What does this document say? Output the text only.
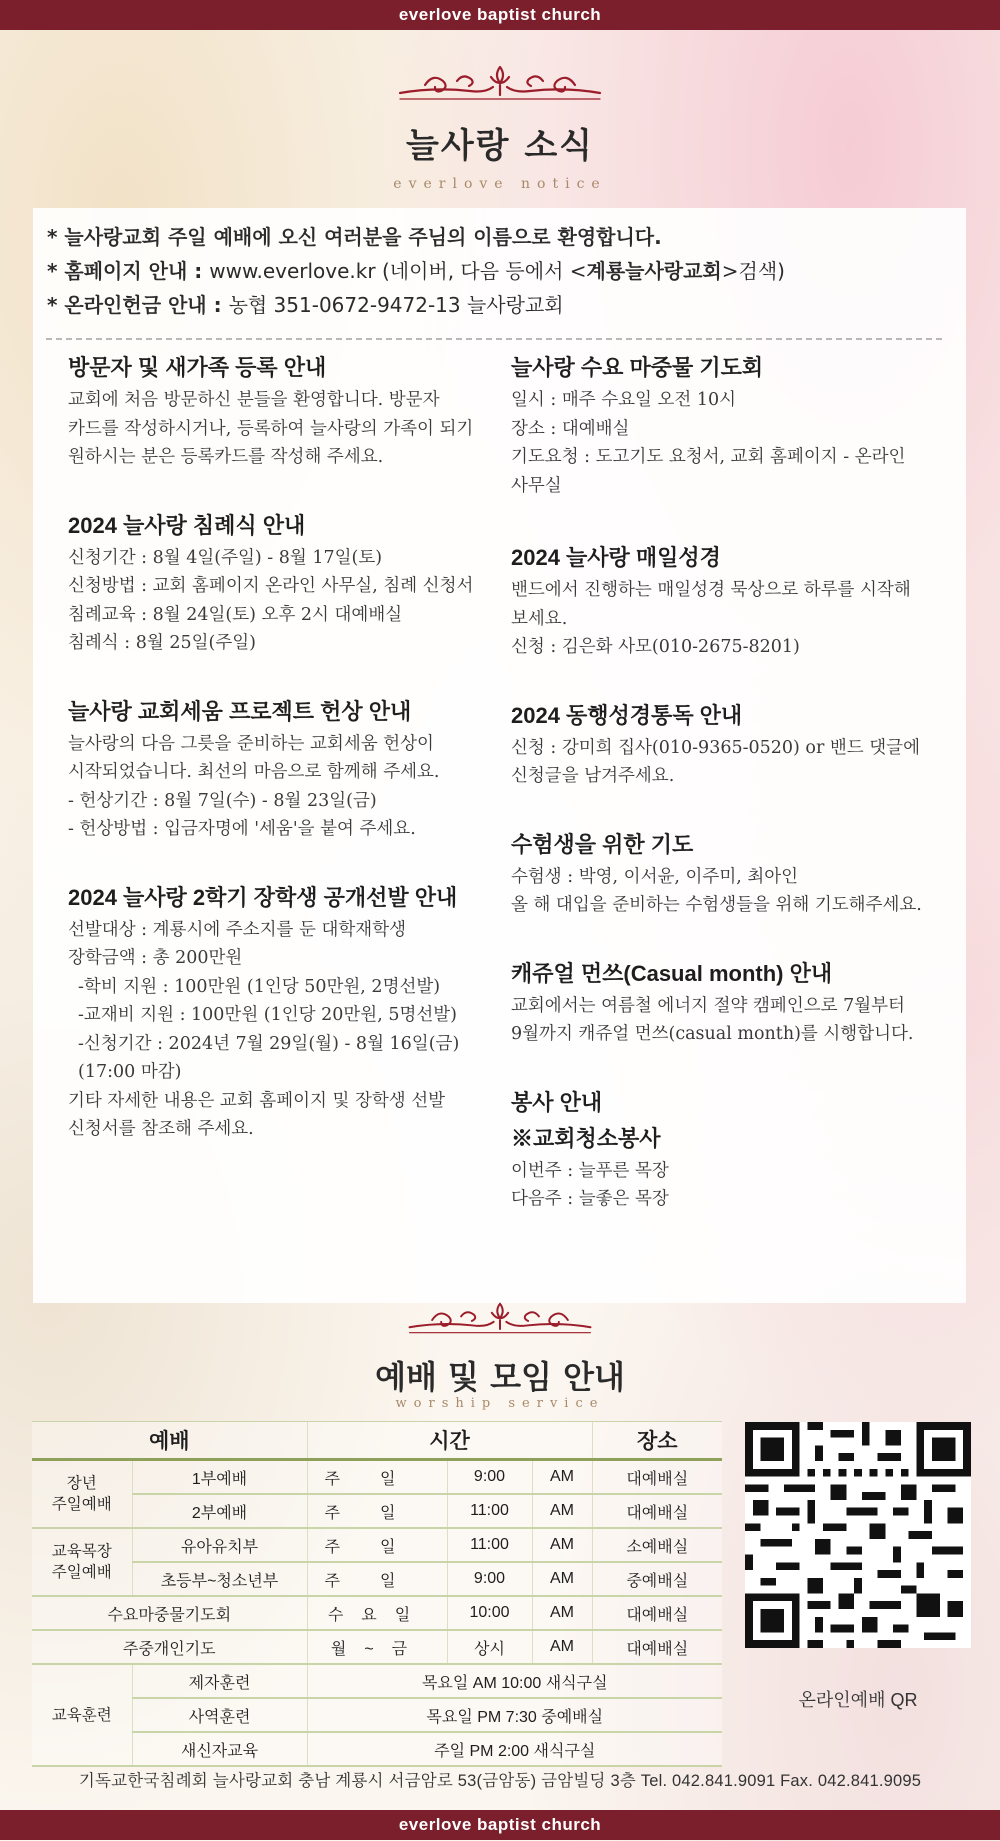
everlove baptist church
늘사랑 소식
everlove notice
* 늘사랑교회 주일 예배에 오신 여러분을 주님의 이름으로 환영합니다.
* 홈페이지 안내 : www.everlove.kr (네이버, 다음 등에서 <계룡늘사랑교회>검색)
* 온라인헌금 안내 : 농협 351-0672-9472-13 늘사랑교회
방문자 및 새가족 등록 안내
교회에 처음 방문하신 분들을 환영합니다. 방문자 카드를 작성하시거나, 등록하여 늘사랑의 가족이 되기 원하시는 분은 등록카드를 작성해 주세요.
2024 늘사랑 침례식 안내
신청기간 : 8월 4일(주일) - 8월 17일(토)
신청방법 : 교회 홈페이지 온라인 사무실, 침례 신청서
침례교육 : 8월 24일(토) 오후 2시 대예배실
침례식 : 8월 25일(주일)
늘사랑 교회세움 프로젝트 헌상 안내
늘사랑의 다음 그릇을 준비하는 교회세움 헌상이 시작되었습니다. 최선의 마음으로 함께해 주세요.
- 헌상기간 : 8월 7일(수) - 8월 23일(금)
- 헌상방법 : 입금자명에 '세움'을 붙여 주세요.
2024 늘사랑 2학기 장학생 공개선발 안내
선발대상 : 계룡시에 주소지를 둔 대학재학생
장학금액 : 총 200만원
-학비 지원 : 100만원 (1인당 50만원, 2명선발)
-교재비 지원 : 100만원 (1인당 20만원, 5명선발)
-신청기간 : 2024년 7월 29일(월) - 8월 16일(금) (17:00 마감)
기타 자세한 내용은 교회 홈페이지 및 장학생 선발 신청서를 참조해 주세요.
늘사랑 수요 마중물 기도회
일시 : 매주 수요일 오전 10시
장소 : 대예배실
기도요청 : 도고기도 요청서, 교회 홈페이지 - 온라인 사무실
2024 늘사랑 매일성경
밴드에서 진행하는 매일성경 묵상으로 하루를 시작해 보세요.
신청 : 김은화 사모(010-2675-8201)
2024 동행성경통독 안내
신청 : 강미희 집사(010-9365-0520) or 밴드 댓글에 신청글을 남겨주세요.
수험생을 위한 기도
수험생 : 박영, 이서윤, 이주미, 최아인
올 해 대입을 준비하는 수험생들을 위해 기도해주세요.
캐쥬얼 먼쓰(Casual month) 안내
교회에서는 여름철 에너지 절약 캠페인으로 7월부터 9월까지 캐쥬얼 먼쓰(casual month)를 시행합니다.
봉사 안내
※교회청소봉사
이번주 : 늘푸른 목장
다음주 : 늘좋은 목장
예배 및 모임 안내
worship service
예배		시간			장소
장년
주일예배	1부예배	주일	9:00	AM	대예배실
	2부예배	주일	11:00	AM	대예배실
교육목장
주일예배	유아유치부	주일	11:00	AM	소예배실
	초등부~청소년부	주일	9:00	AM	중예배실
수요마중물기도회		수요일	10:00	AM	대예배실
주중개인기도		월~금	상시	AM	대예배실
교육훈련	제자훈련	목요일 AM 10:00 새식구실			
	사역훈련	목요일 PM 7:30 중예배실			
	새신자교육	주일 PM 2:00 새식구실			
온라인예배 QR
기독교한국침례회 늘사랑교회 충남 계룡시 서금암로 53(금암동) 금암빌딩 3층 Tel. 042.841.9091 Fax. 042.841.9095
everlove baptist church
